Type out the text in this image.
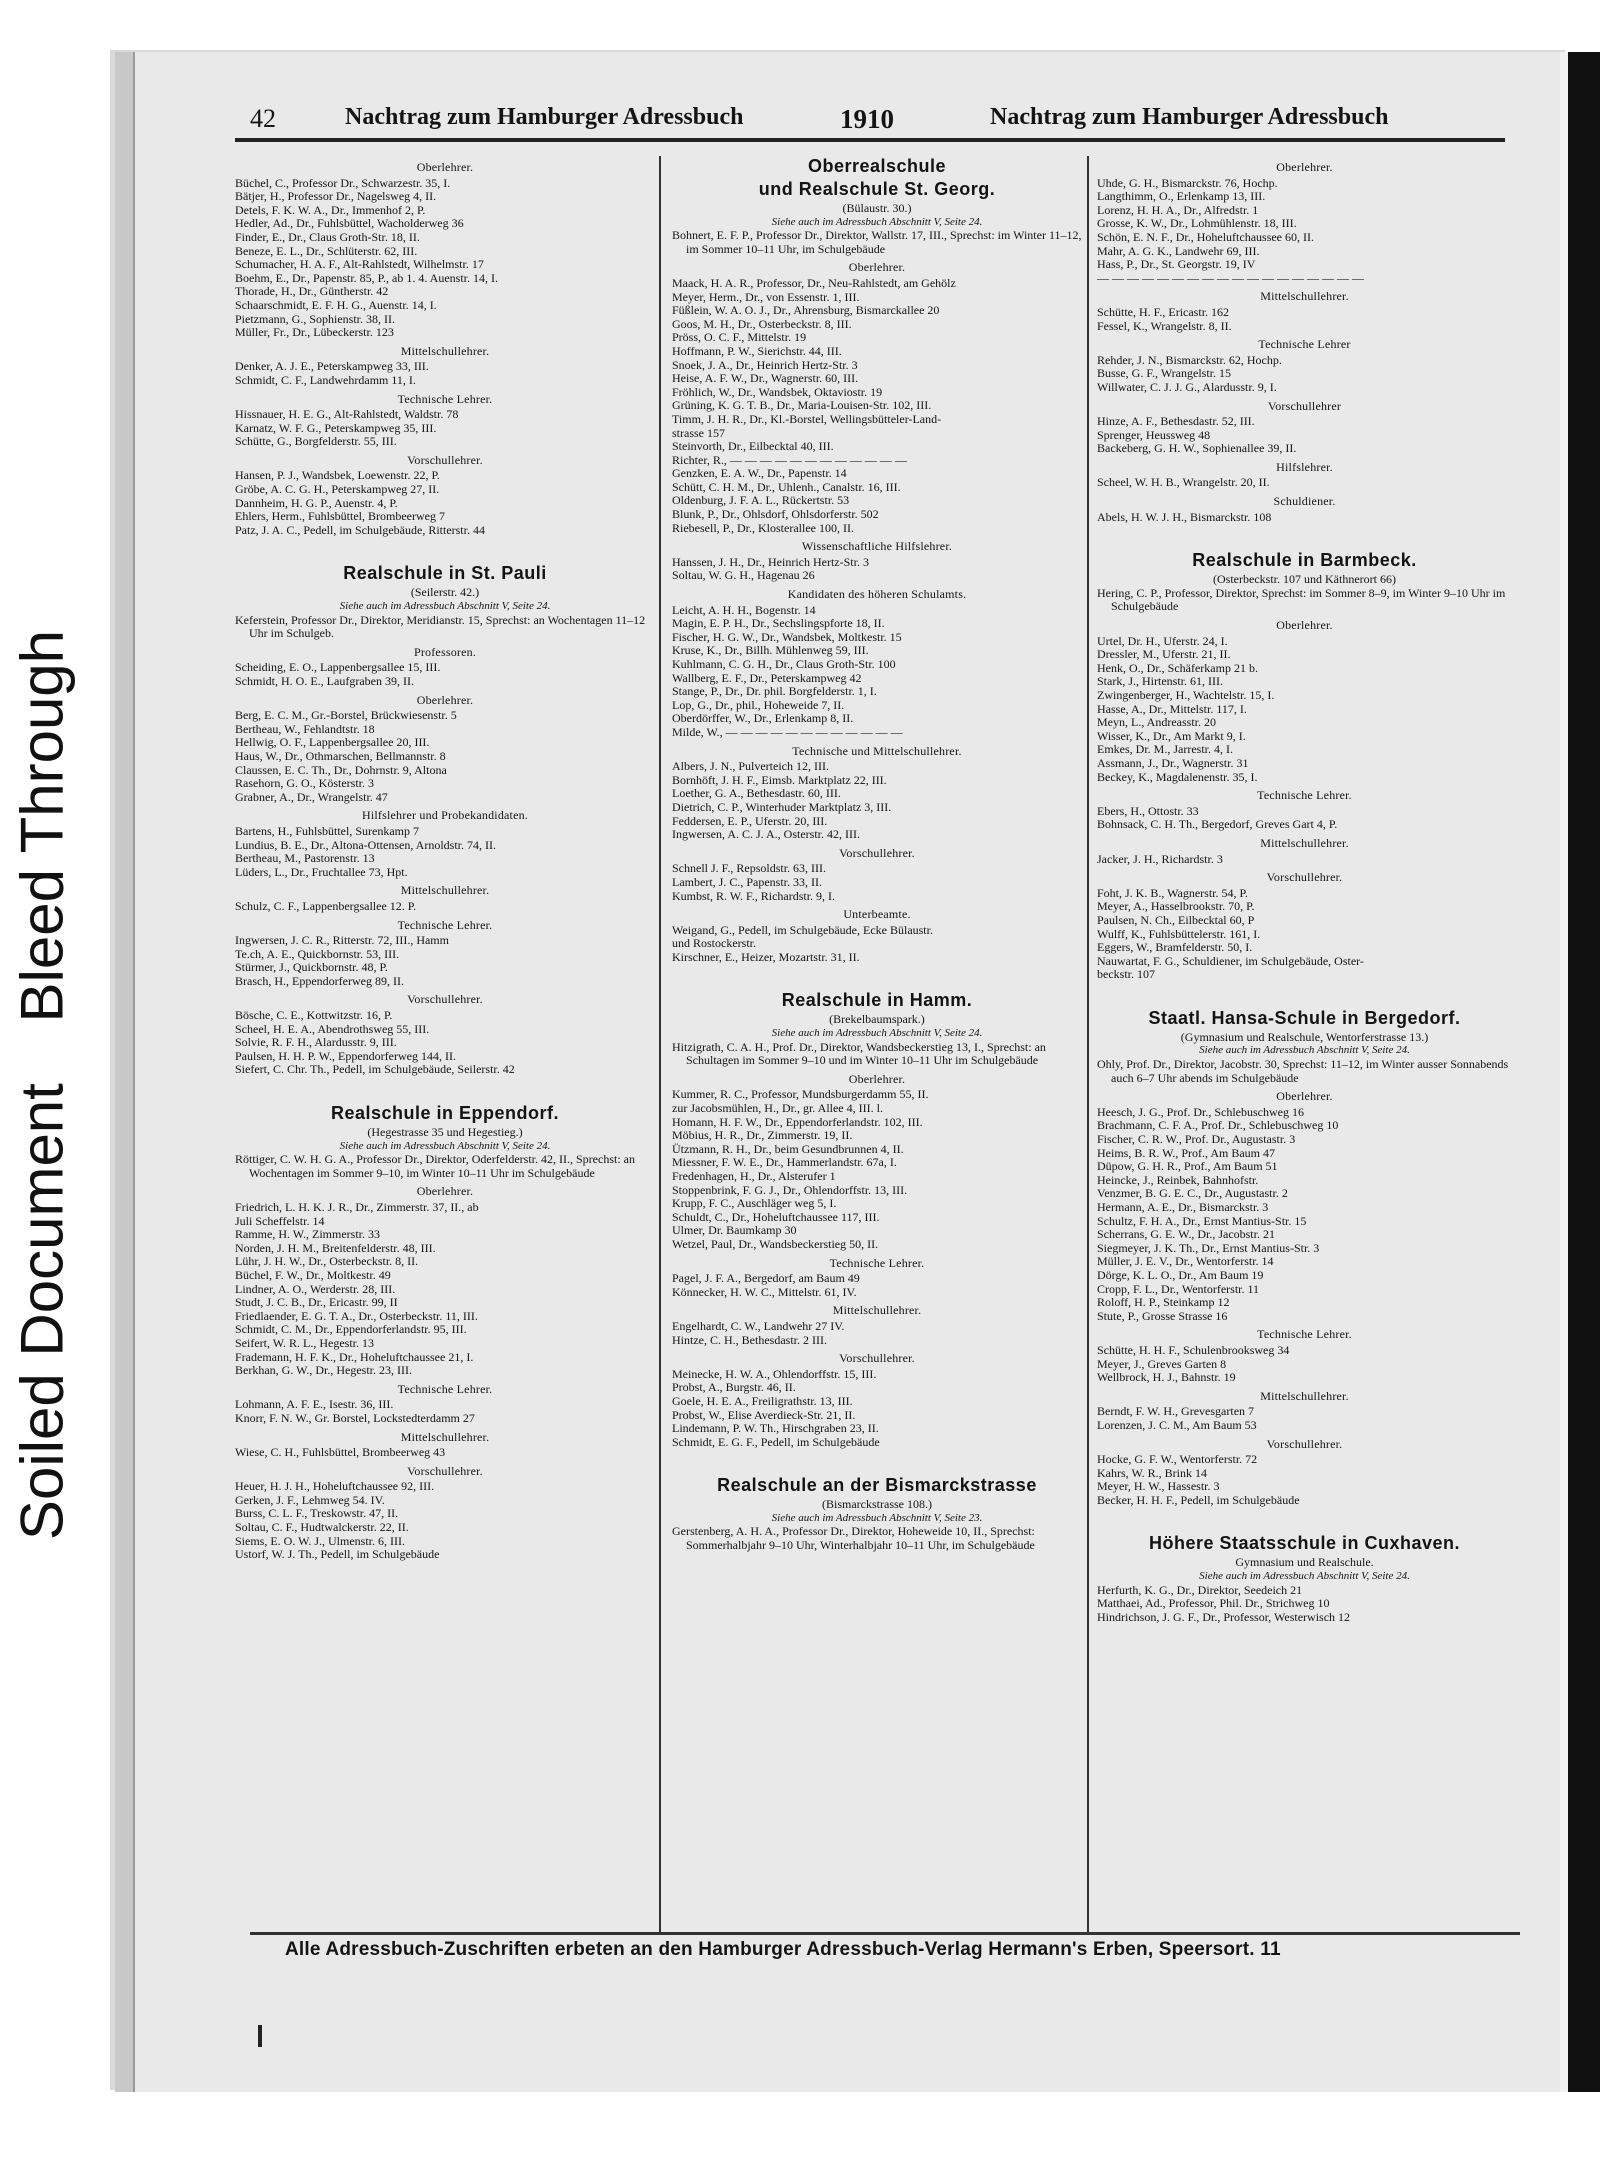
Soiled Document Bleed Through
42	Nachtrag zum Hamburger Adressbuch	1910	Nachtrag zum Hamburger Adressbuch
Oberlehrer.
Büchel, C., Professor Dr., Schwarzestr. 35, I.
Bätjer, H., Professor Dr., Nagelsweg 4, II.
Detels, F. K. W. A., Dr., Immenhof 2, P.
Hedler, Ad., Dr., Fuhlsbüttel, Wacholderweg 36
Finder, E., Dr., Claus Groth-Str. 18, II.
Beneze, E. L., Dr., Schlüterstr. 62, III.
Schumacher, H. A. F., Alt-Rahlstedt, Wilhelmstr. 17
Boehm, E., Dr., Papenstr. 85, P., ab 1. 4. Auenstr. 14, I.
Thorade, H., Dr., Güntherstr. 42
Schaarschmidt, E. F. H. G., Auenstr. 14, I.
Pietzmann, G., Sophienstr. 38, II.
Müller, Fr., Dr., Lübeckerstr. 123
Mittelschullehrer.
Denker, A. J. E., Peterskampweg 33, III.
Schmidt, C. F., Landwehrdamm 11, I.
Technische Lehrer.
Hissnauer, H. E. G., Alt-Rahlstedt, Waldstr. 78
Karnatz, W. F. G., Peterskampweg 35, III.
Schütte, G., Borgfelderstr. 55, III.
Vorschullehrer.
Hansen, P. J., Wandsbek, Loewenstr. 22, P.
Gröbe, A. C. G. H., Peterskampweg 27, II.
Dannheim, H. G. P., Auenstr. 4, P.
Ehlers, Herm., Fuhlsbüttel, Brombeerweg 7
Patz, J. A. C., Pedell, im Schulgebäude, Ritterstr. 44
Realschule in St. Pauli
(Seilerstr. 42.)
Siehe auch im Adressbuch Abschnitt V, Seite 24.
Keferstein, Professor Dr., Direktor, Meridianstr. 15, Sprechst: an Wochentagen 11–12 Uhr im Schulgeb.
Professoren.
Scheiding, E. O., Lappenbergsallee 15, III.
Schmidt, H. O. E., Laufgraben 39, II.
Oberlehrer.
Berg, E. C. M., Gr.-Borstel, Brückwiesenstr. 5
Bertheau, W., Fehlandtstr. 18
Hellwig, O. F., Lappenbergsallee 20, III.
Haus, W., Dr., Othmarschen, Bellmannstr. 8
Claussen, E. C. Th., Dr., Dohrnstr. 9, Altona
Rasehorn, G. O., Kösterstr. 3
Grabner, A., Dr., Wrangelstr. 47
Hilfslehrer und Probekandidaten.
Bartens, H., Fuhlsbüttel, Surenkamp 7
Lundius, B. E., Dr., Altona-Ottensen, Arnoldstr. 74, II.
Bertheau, M., Pastorenstr. 13
Lüders, L., Dr., Fruchtallee 73, Hpt.
Mittelschullehrer.
Schulz, C. F., Lappenbergsallee 12. P.
Technische Lehrer.
Ingwersen, J. C. R., Ritterstr. 72, III., Hamm
Te.ch, A. E., Quickbornstr. 53, III.
Stürmer, J., Quickbornstr. 48, P.
Brasch, H., Eppendorferweg 89, II.
Vorschullehrer.
Bösche, C. E., Kottwitzstr. 16, P.
Scheel, H. E. A., Abendrothsweg 55, III.
Solvie, R. F. H., Alardusstr. 9, III.
Paulsen, H. H. P. W., Eppendorferweg 144, II.
Siefert, C. Chr. Th., Pedell, im Schulgebäude, Seilerstr. 42
Realschule in Eppendorf.
(Hegestrasse 35 und Hegestieg.)
Siehe auch im Adressbuch Abschnitt V, Seite 24.
Röttiger, C. W. H. G. A., Professor Dr., Direktor, Oderfelderstr. 42, II., Sprechst: an Wochentagen im Sommer 9–10, im Winter 10–11 Uhr im Schulgebäude
Oberlehrer.
Friedrich, L. H. K. J. R., Dr., Zimmerstr. 37, II., ab
Juli Scheffelstr. 14
Ramme, H. W., Zimmerstr. 33
Norden, J. H. M., Breitenfelderstr. 48, III.
Lühr, J. H. W., Dr., Osterbeckstr. 8, II.
Büchel, F. W., Dr., Moltkestr. 49
Lindner, A. O., Werderstr. 28, III.
Studt, J. C. B., Dr., Ericastr. 99, II
Friedlaender, E. G. T. A., Dr., Osterbeckstr. 11, III.
Schmidt, C. M., Dr., Eppendorferlandstr. 95, III.
Seifert, W. R. L., Hegestr. 13
Frademann, H. F. K., Dr., Hoheluftchaussee 21, I.
Berkhan, G. W., Dr., Hegestr. 23, III.
Technische Lehrer.
Lohmann, A. F. E., Isestr. 36, III.
Knorr, F. N. W., Gr. Borstel, Lockstedterdamm 27
Mittelschullehrer.
Wiese, C. H., Fuhlsbüttel, Brombeerweg 43
Vorschullehrer.
Heuer, H. J. H., Hoheluftchaussee 92, III.
Gerken, J. F., Lehmweg 54. IV.
Burss, C. L. F., Treskowstr. 47, II.
Soltau, C. F., Hudtwalckerstr. 22, II.
Siems, E. O. W. J., Ulmenstr. 6, III.
Ustorf, W. J. Th., Pedell, im Schulgebäude
Oberrealschule
und Realschule St. Georg.
(Bülaustr. 30.)
Siehe auch im Adressbuch Abschnitt V, Seite 24.
Bohnert, E. F. P., Professor Dr., Direktor, Wallstr. 17, III., Sprechst: im Winter 11–12, im Sommer 10–11 Uhr, im Schulgebäude
Oberlehrer.
Maack, H. A. R., Professor, Dr., Neu-Rahlstedt, am Gehölz
Meyer, Herm., Dr., von Essenstr. 1, III.
Füßlein, W. A. O. J., Dr., Ahrensburg, Bismarckallee 20
Goos, M. H., Dr., Osterbeckstr. 8, III.
Pröss, O. C. F., Mittelstr. 19
Hoffmann, P. W., Sierichstr. 44, III.
Snoek, J. A., Dr., Heinrich Hertz-Str. 3
Heise, A. F. W., Dr., Wagnerstr. 60, III.
Fröhlich, W., Dr., Wandsbek, Oktaviostr. 19
Grüning, K. G. T. B., Dr., Maria-Louisen-Str. 102, III.
Timm, J. H. R., Dr., Kl.-Borstel, Wellingsbütteler-Land-
strasse 157
Steinvorth, Dr., Eilbecktal 40, III.
Richter, R., — — — — — — — — — — — —
Genzken, E. A. W., Dr., Papenstr. 14
Schütt, C. H. M., Dr., Uhlenh., Canalstr. 16, III.
Oldenburg, J. F. A. L., Rückertstr. 53
Blunk, P., Dr., Ohlsdorf, Ohlsdorferstr. 502
Riebesell, P., Dr., Klosterallee 100, II.
Wissenschaftliche Hilfslehrer.
Hanssen, J. H., Dr., Heinrich Hertz-Str. 3
Soltau, W. G. H., Hagenau 26
Kandidaten des höheren Schulamts.
Leicht, A. H. H., Bogenstr. 14
Magin, E. P. H., Dr., Sechslingspforte 18, II.
Fischer, H. G. W., Dr., Wandsbek, Moltkestr. 15
Kruse, K., Dr., Billh. Mühlenweg 59, III.
Kuhlmann, C. G. H., Dr., Claus Groth-Str. 100
Wallberg, E. F., Dr., Peterskampweg 42
Stange, P., Dr., Dr. phil. Borgfelderstr. 1, I.
Lop, G., Dr., phil., Hoheweide 7, II.
Oberdörffer, W., Dr., Erlenkamp 8, II.
Milde, W., — — — — — — — — — — — —
Technische und Mittelschullehrer.
Albers, J. N., Pulverteich 12, III.
Bornhöft, J. H. F., Eimsb. Marktplatz 22, III.
Loether, G. A., Bethesdastr. 60, III.
Dietrich, C. P., Winterhuder Marktplatz 3, III.
Feddersen, E. P., Uferstr. 20, III.
Ingwersen, A. C. J. A., Osterstr. 42, III.
Vorschullehrer.
Schnell J. F., Repsoldstr. 63, III.
Lambert, J. C., Papenstr. 33, II.
Kumbst, R. W. F., Richardstr. 9, I.
Unterbeamte.
Weigand, G., Pedell, im Schulgebäude, Ecke Bülaustr.
und Rostockerstr.
Kirschner, E., Heizer, Mozartstr. 31, II.
Realschule in Hamm.
(Brekelbaumspark.)
Siehe auch im Adressbuch Abschnitt V, Seite 24.
Hitzigrath, C. A. H., Prof. Dr., Direktor, Wandsbeckerstieg 13, I., Sprechst: an Schultagen im Sommer 9–10 und im Winter 10–11 Uhr im Schulgebäude
Oberlehrer.
Kummer, R. C., Professor, Mundsburgerdamm 55, II.
zur Jacobsmühlen, H., Dr., gr. Allee 4, III. l.
Homann, H. F. W., Dr., Eppendorferlandstr. 102, III.
Möbius, H. R., Dr., Zimmerstr. 19, II.
Ützmann, R. H., Dr., beim Gesundbrunnen 4, II.
Miessner, F. W. E., Dr., Hammerlandstr. 67a, I.
Fredenhagen, H., Dr., Alsterufer 1
Stoppenbrink, F. G. J., Dr., Ohlendorffstr. 13, III.
Krupp, F. C., Auschläger weg 5, I.
Schuldt, C., Dr., Hoheluftchaussee 117, III.
Ulmer, Dr. Baumkamp 30
Wetzel, Paul, Dr., Wandsbeckerstieg 50, II.
Technische Lehrer.
Pagel, J. F. A., Bergedorf, am Baum 49
Könnecker, H. W. C., Mittelstr. 61, IV.
Mittelschullehrer.
Engelhardt, C. W., Landwehr 27 IV.
Hintze, C. H., Bethesdastr. 2 III.
Vorschullehrer.
Meinecke, H. W. A., Ohlendorffstr. 15, III.
Probst, A., Burgstr. 46, II.
Goele, H. E. A., Freiligrathstr. 13, III.
Probst, W., Elise Averdieck-Str. 21, II.
Lindemann, P. W. Th., Hirschgraben 23, II.
Schmidt, E. G. F., Pedell, im Schulgebäude
Realschule an der Bismarckstrasse
(Bismarckstrasse 108.)
Siehe auch im Adressbuch Abschnitt V, Seite 23.
Gerstenberg, A. H. A., Professor Dr., Direktor, Hoheweide 10, II., Sprechst: Sommerhalbjahr 9–10 Uhr, Winterhalbjahr 10–11 Uhr, im Schulgebäude
Oberlehrer.
Uhde, G. H., Bismarckstr. 76, Hochp.
Langthimm, O., Erlenkamp 13, III.
Lorenz, H. H. A., Dr., Alfredstr. 1
Grosse, K. W., Dr., Lohmühlenstr. 18, III.
Schön, E. N. F., Dr., Hoheluftchaussee 60, II.
Mahr, A. G. K., Landwehr 69, III.
Hass, P., Dr., St. Georgstr. 19, IV
— — — — — — — — — — — — — — — — — —
Mittelschullehrer.
Schütte, H. F., Ericastr. 162
Fessel, K., Wrangelstr. 8, II.
Technische Lehrer
Rehder, J. N., Bismarckstr. 62, Hochp.
Busse, G. F., Wrangelstr. 15
Willwater, C. J. J. G., Alardusstr. 9, I.
Vorschullehrer
Hinze, A. F., Bethesdastr. 52, III.
Sprenger, Heussweg 48
Backeberg, G. H. W., Sophienallee 39, II.
Hilfslehrer.
Scheel, W. H. B., Wrangelstr. 20, II.
Schuldiener.
Abels, H. W. J. H., Bismarckstr. 108
Realschule in Barmbeck.
(Osterbeckstr. 107 und Käthnerort 66)
Hering, C. P., Professor, Direktor, Sprechst: im Sommer 8–9, im Winter 9–10 Uhr im Schulgebäude
Oberlehrer.
Urtel, Dr. H., Uferstr. 24, I.
Dressler, M., Uferstr. 21, II.
Henk, O., Dr., Schäferkamp 21 b.
Stark, J., Hirtenstr. 61, III.
Zwingenberger, H., Wachtelstr. 15, I.
Hasse, A., Dr., Mittelstr. 117, I.
Meyn, L., Andreasstr. 20
Wisser, K., Dr., Am Markt 9, I.
Emkes, Dr. M., Jarrestr. 4, I.
Assmann, J., Dr., Wagnerstr. 31
Beckey, K., Magdalenenstr. 35, I.
Technische Lehrer.
Ebers, H., Ottostr. 33
Bohnsack, C. H. Th., Bergedorf, Greves Gart 4, P.
Mittelschullehrer.
Jacker, J. H., Richardstr. 3
Vorschullehrer.
Foht, J. K. B., Wagnerstr. 54, P.
Meyer, A., Hasselbrookstr. 70, P.
Paulsen, N. Ch., Eilbecktal 60, P
Wulff, K., Fuhlsbüttelerstr. 161, I.
Eggers, W., Bramfelderstr. 50, I.
Nauwartat, F. G., Schuldiener, im Schulgebäude, Oster-
beckstr. 107
Staatl. Hansa-Schule in Bergedorf.
(Gymnasium und Realschule, Wentorferstrasse 13.)
Siehe auch im Adressbuch Abschnitt V, Seite 24.
Ohly, Prof. Dr., Direktor, Jacobstr. 30, Sprechst: 11–12, im Winter ausser Sonnabends auch 6–7 Uhr abends im Schulgebäude
Oberlehrer.
Heesch, J. G., Prof. Dr., Schlebuschweg 16
Brachmann, C. F. A., Prof. Dr., Schlebuschweg 10
Fischer, C. R. W., Prof. Dr., Augustastr. 3
Heims, B. R. W., Prof., Am Baum 47
Düpow, G. H. R., Prof., Am Baum 51
Heincke, J., Reinbek, Bahnhofstr.
Venzmer, B. G. E. C., Dr., Augustastr. 2
Hermann, A. E., Dr., Bismarckstr. 3
Schultz, F. H. A., Dr., Ernst Mantius-Str. 15
Scherrans, G. E. W., Dr., Jacobstr. 21
Siegmeyer, J. K. Th., Dr., Ernst Mantius-Str. 3
Müller, J. E. V., Dr., Wentorferstr. 14
Dörge, K. L. O., Dr., Am Baum 19
Cropp, F. L., Dr., Wentorferstr. 11
Roloff, H. P., Steinkamp 12
Stute, P., Grosse Strasse 16
Technische Lehrer.
Schütte, H. H. F., Schulenbrooksweg 34
Meyer, J., Greves Garten 8
Wellbrock, H. J., Bahnstr. 19
Mittelschullehrer.
Berndt, F. W. H., Grevesgarten 7
Lorenzen, J. C. M., Am Baum 53
Vorschullehrer.
Hocke, G. F. W., Wentorferstr. 72
Kahrs, W. R., Brink 14
Meyer, H. W., Hassestr. 3
Becker, H. H. F., Pedell, im Schulgebäude
Höhere Staatsschule in Cuxhaven.
Gymnasium und Realschule.
Siehe auch im Adressbuch Abschnitt V, Seite 24.
Herfurth, K. G., Dr., Direktor, Seedeich 21
Matthaei, Ad., Professor, Phil. Dr., Strichweg 10
Hindrichson, J. G. F., Dr., Professor, Westerwisch 12
Alle Adressbuch-Zuschriften erbeten an den Hamburger Adressbuch-Verlag Hermann's Erben, Speersort. 11
